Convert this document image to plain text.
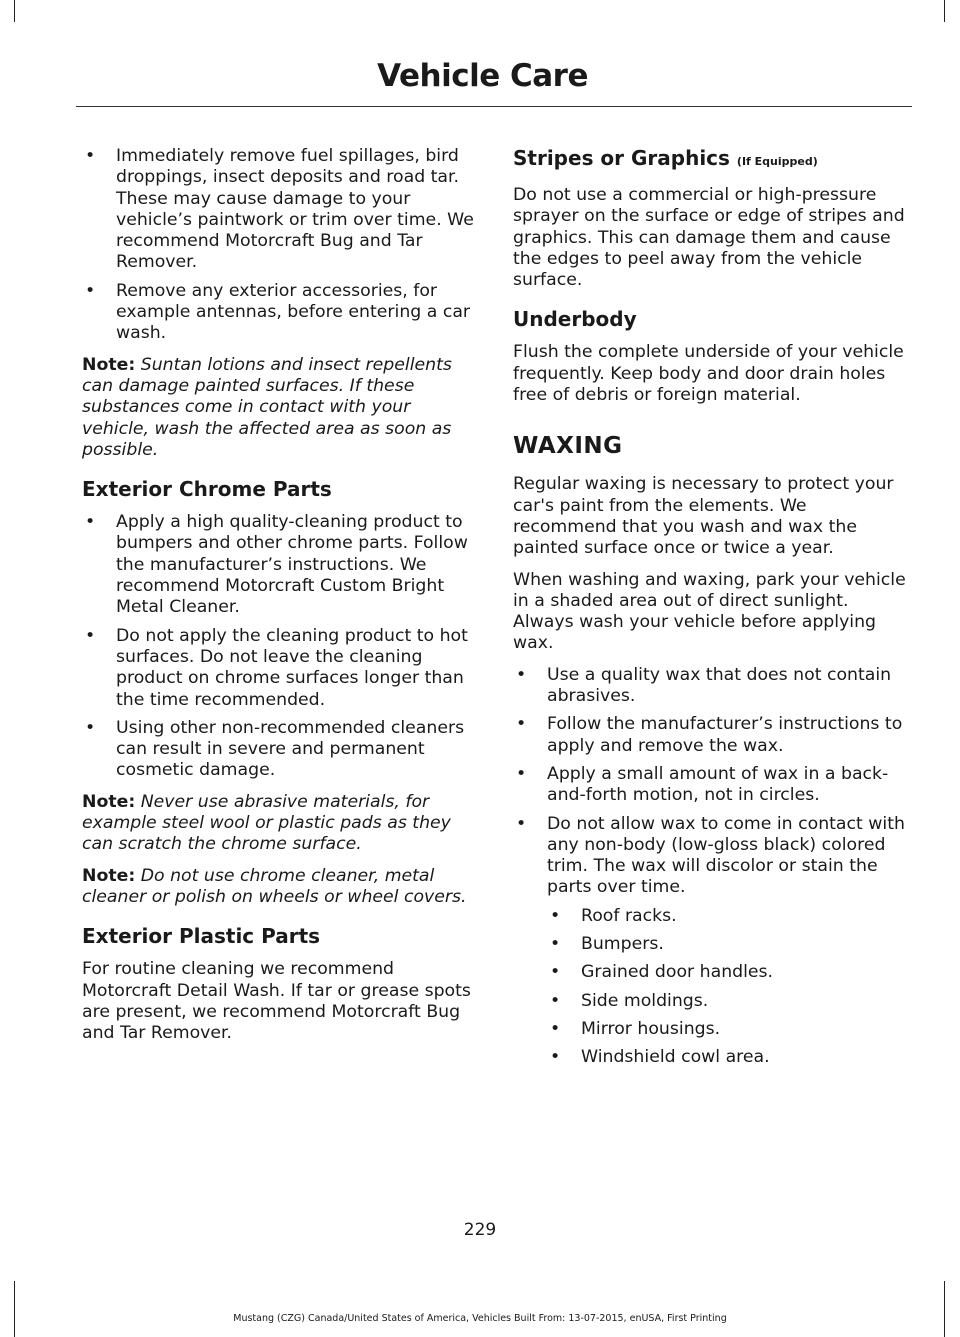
Vehicle Care
• Immediately remove fuel spillages, bird droppings, insect deposits and road tar. These may cause damage to your vehicle’s paintwork or trim over time. We recommend Motorcraft Bug and Tar Remover.
• Remove any exterior accessories, for example antennas, before entering a car wash.

Note: Suntan lotions and insect repellents can damage painted surfaces. If these substances come in contact with your vehicle, wash the affected area as soon as possible.

Exterior Chrome Parts
• Apply a high quality-cleaning product to bumpers and other chrome parts. Follow the manufacturer’s instructions. We recommend Motorcraft Custom Bright Metal Cleaner.
• Do not apply the cleaning product to hot surfaces. Do not leave the cleaning product on chrome surfaces longer than the time recommended.
• Using other non-recommended cleaners can result in severe and permanent cosmetic damage.

Note: Never use abrasive materials, for example steel wool or plastic pads as they can scratch the chrome surface.

Note: Do not use chrome cleaner, metal cleaner or polish on wheels or wheel covers.

Exterior Plastic Parts

For routine cleaning we recommend Motorcraft Detail Wash. If tar or grease spots are present, we recommend Motorcraft Bug and Tar Remover.

Stripes or Graphics (If Equipped)

Do not use a commercial or high-pressure sprayer on the surface or edge of stripes and graphics. This can damage them and cause the edges to peel away from the vehicle surface.

Underbody

Flush the complete underside of your vehicle frequently. Keep body and door drain holes free of debris or foreign material.

WAXING

Regular waxing is necessary to protect your car's paint from the elements. We recommend that you wash and wax the painted surface once or twice a year.

When washing and waxing, park your vehicle in a shaded area out of direct sunlight. Always wash your vehicle before applying wax.

• Use a quality wax that does not contain abrasives.
• Follow the manufacturer’s instructions to apply and remove the wax.
• Apply a small amount of wax in a back-and-forth motion, not in circles.
• Do not allow wax to come in contact with any non-body (low-gloss black) colored trim. The wax will discolor or stain the parts over time.
• Roof racks.
• Bumpers.
• Grained door handles.
• Side moldings.
• Mirror housings.
• Windshield cowl area.
229
Mustang (CZG) Canada/United States of America, Vehicles Built From: 13-07-2015, enUSA, First Printing
